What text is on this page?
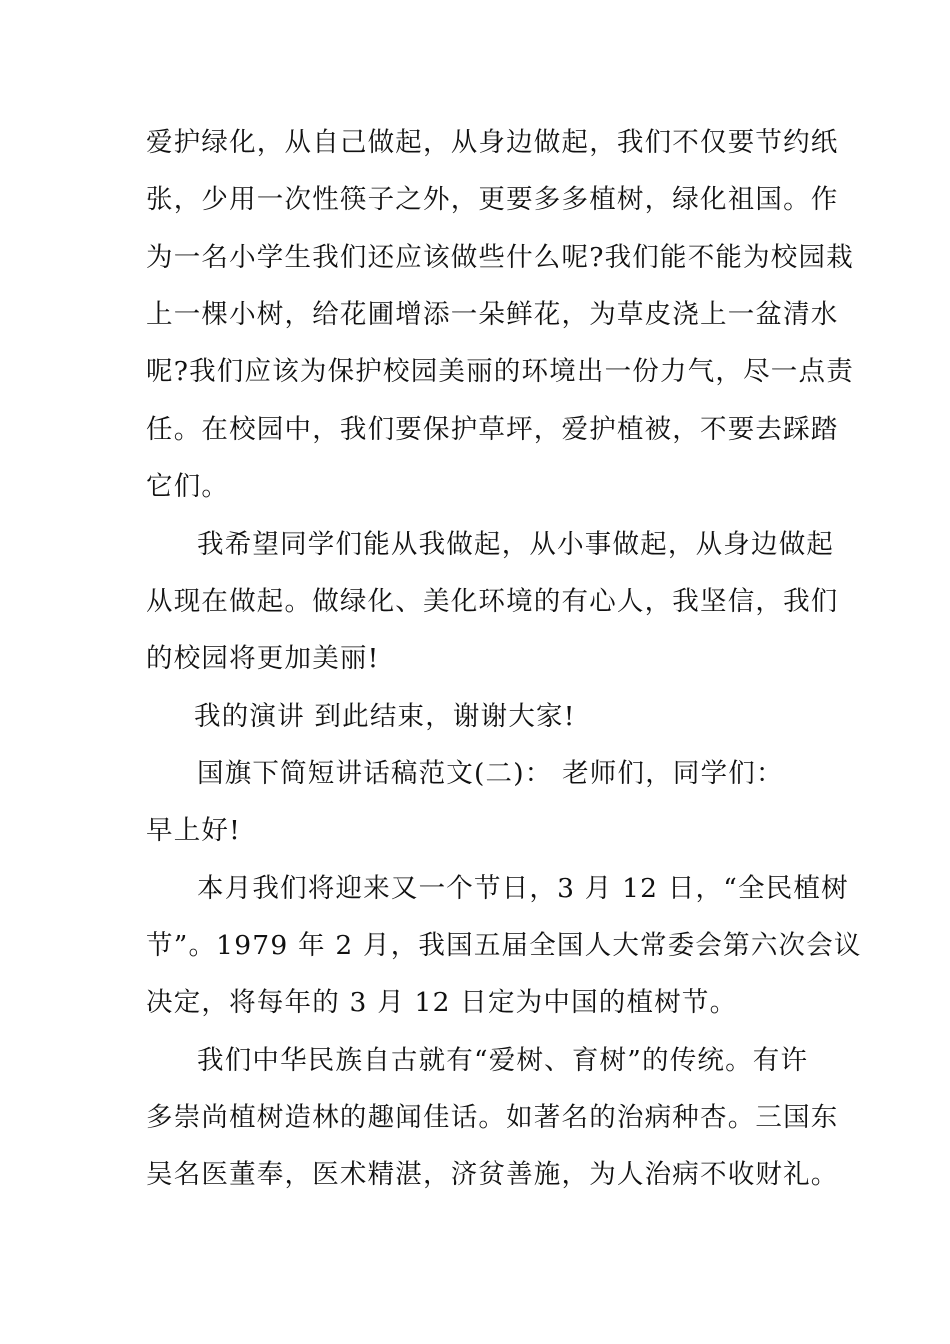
爱护绿化，从自己做起，从身边做起，我们不仅要节约纸
张，少用一次性筷子之外，更要多多植树，绿化祖国。作
为一名小学生我们还应该做些什么呢?我们能不能为校园栽
上一棵小树，给花圃增添一朵鲜花，为草皮浇上一盆清水
呢?我们应该为保护校园美丽的环境出一份力气，尽一点责
任。在校园中，我们要保护草坪，爱护植被，不要去踩踏
它们。
我希望同学们能从我做起，从小事做起，从身边做起
从现在做起。做绿化、美化环境的有心人，我坚信，我们
的校园将更加美丽!
我的演讲 到此结束，谢谢大家!
国旗下简短讲话稿范文(二)： 老师们，同学们：
早上好!
本月我们将迎来又一个节日，3 月 12 日，“全民植树
节”。1979 年 2 月，我国五届全国人大常委会第六次会议
决定，将每年的 3 月 12 日定为中国的植树节。
我们中华民族自古就有“爱树、育树”的传统。有许
多崇尚植树造林的趣闻佳话。如著名的治病种杏。三国东
吴名医董奉，医术精湛，济贫善施，为人治病不收财礼。
